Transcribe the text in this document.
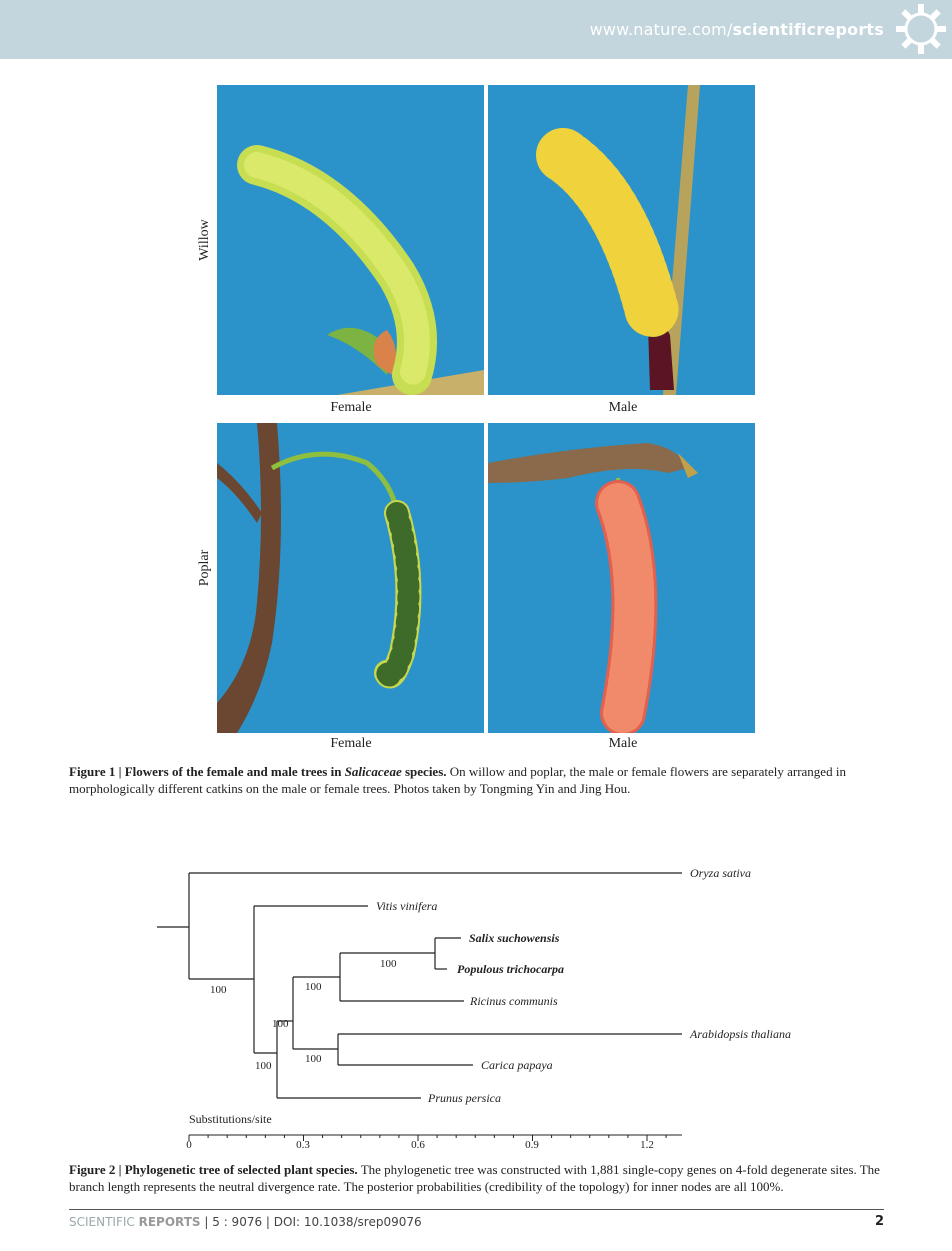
www.nature.com/scientificreports
Willow
Poplar
Female	Male
Female	Male
Figure 1 | Flowers of the female and male trees in Salicaceae species. On willow and poplar, the male or female flowers are separately arranged in morphologically different catkins on the male or female trees. Photos taken by Tongming Yin and Jing Hou.
Oryza sativa
Vitis vinifera
Salix suchowensis
Populous trichocarpa
Ricinus communis
Arabidopsis thaliana
Carica papaya
Prunus persica
100
100
100
100
100
100
Substitutions/site
0	0.3	0.6	0.9	1.2
Figure 2 | Phylogenetic tree of selected plant species. The phylogenetic tree was constructed with 1,881 single-copy genes on 4-fold degenerate sites. The branch length represents the neutral divergence rate. The posterior probabilities (credibility of the topology) for inner nodes are all 100%.
SCIENTIFIC REPORTS | 5 : 9076 | DOI: 10.1038/srep09076	2
